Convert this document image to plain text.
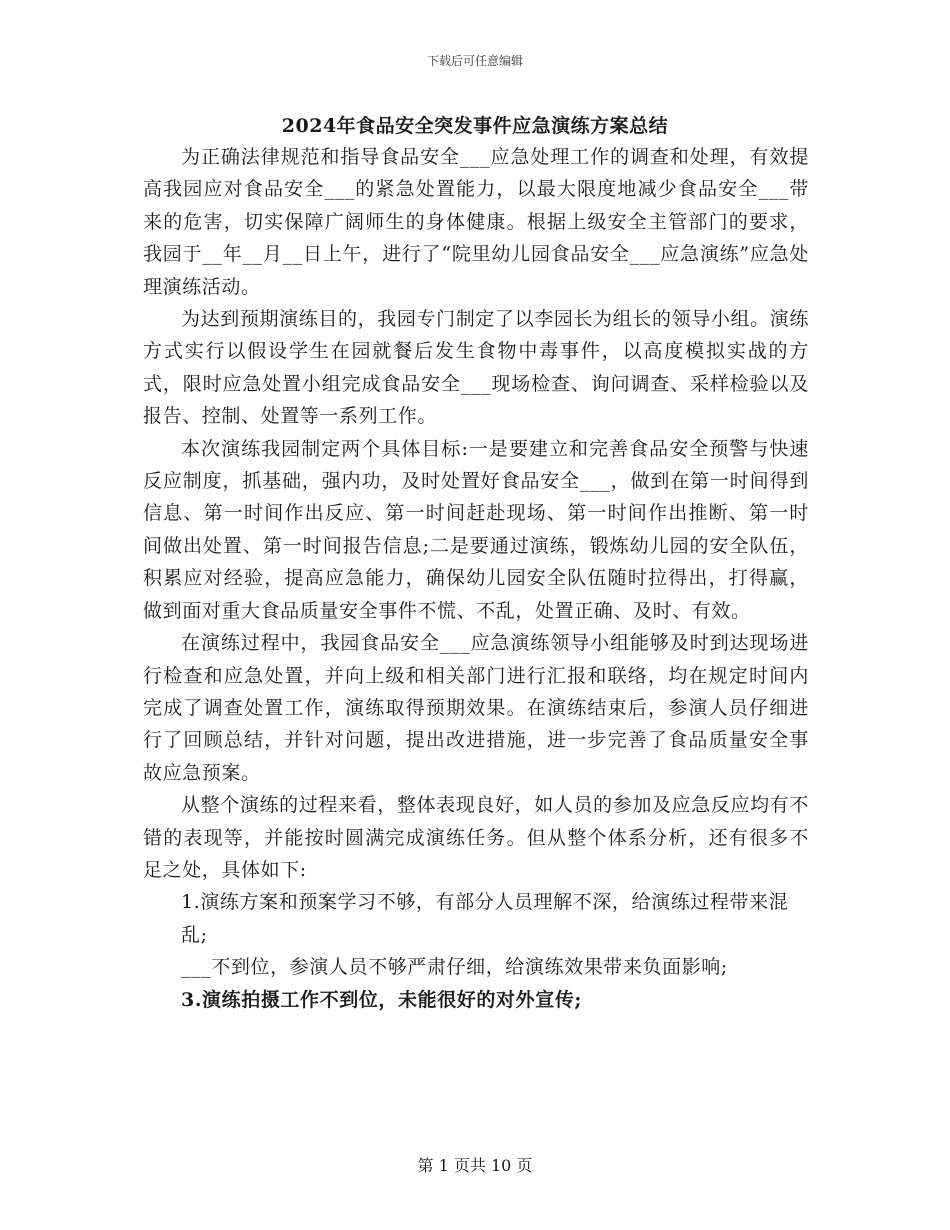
下载后可任意编辑
2024年食品安全突发事件应急演练方案总结

为正确法律规范和指导食品安全___应急处理工作的调查和处理，有效提高我园应对食品安全___的紧急处置能力，以最大限度地减少食品安全___带来的危害，切实保障广阔师生的身体健康。根据上级安全主管部门的要求，我园于__年__月__日上午，进行了“院里幼儿园食品安全___应急演练”应急处理演练活动。

为达到预期演练目的，我园专门制定了以李园长为组长的领导小组。演练方式实行以假设学生在园就餐后发生食物中毒事件，以高度模拟实战的方式，限时应急处置小组完成食品安全___现场检查、询问调查、采样检验以及报告、控制、处置等一系列工作。

本次演练我园制定两个具体目标:一是要建立和完善食品安全预警与快速反应制度，抓基础，强内功，及时处置好食品安全___，做到在第一时间得到信息、第一时间作出反应、第一时间赶赴现场、第一时间作出推断、第一时间做出处置、第一时间报告信息;二是要通过演练，锻炼幼儿园的安全队伍，积累应对经验，提高应急能力，确保幼儿园安全队伍随时拉得出，打得赢，做到面对重大食品质量安全事件不慌、不乱，处置正确、及时、有效。

在演练过程中，我园食品安全___应急演练领导小组能够及时到达现场进行检查和应急处置，并向上级和相关部门进行汇报和联络，均在规定时间内完成了调查处置工作，演练取得预期效果。在演练结束后，参演人员仔细进行了回顾总结，并针对问题，提出改进措施，进一步完善了食品质量安全事故应急预案。

从整个演练的过程来看，整体表现良好，如人员的参加及应急反应均有不错的表现等，并能按时圆满完成演练任务。但从整个体系分析，还有很多不足之处，具体如下:

1.演练方案和预案学习不够，有部分人员理解不深，给演练过程带来混

乱;

___不到位，参演人员不够严肃仔细，给演练效果带来负面影响;

3.演练拍摄工作不到位，未能很好的对外宣传;

第 1 页共 10 页
